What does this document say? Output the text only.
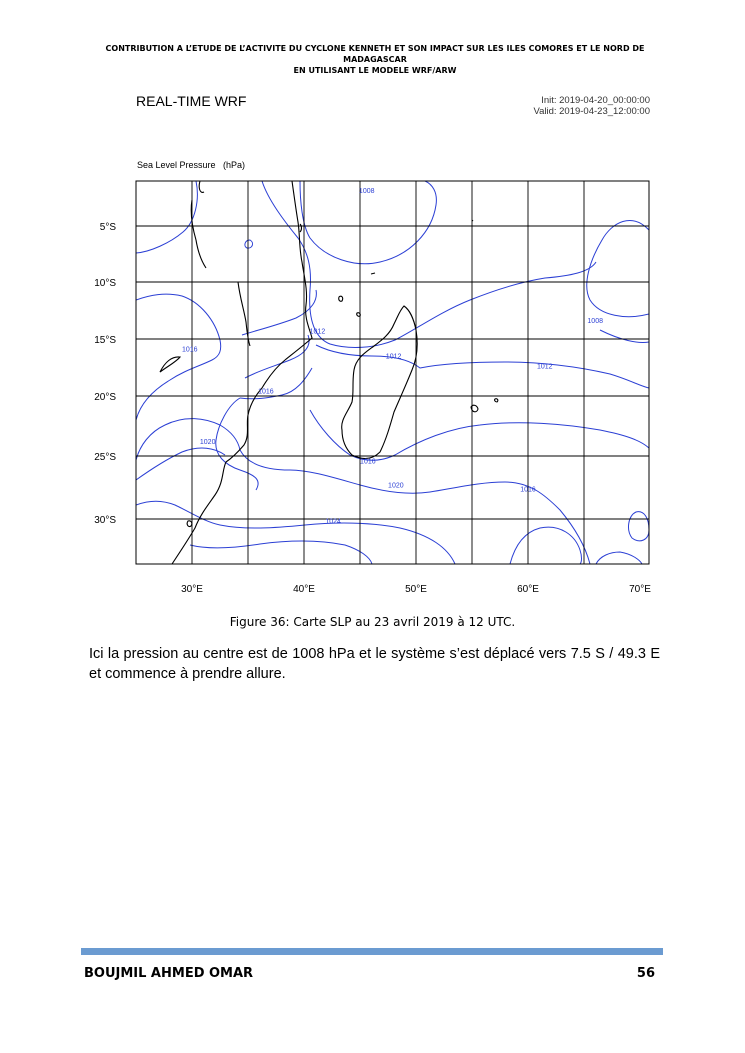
CONTRIBUTION A L’ETUDE DE L’ACTIVITE DU CYCLONE KENNETH ET SON IMPACT SUR LES ILES COMORES ET LE NORD DE MADAGASCAR
EN UTILISANT LE MODELE WRF/ARW
REAL-TIME WRF	Init: 2019-04-20_00:00:00
Valid: 2019-04-23_12:00:00
Sea Level Pressure   (hPa)
30°E	40°E	50°E	60°E	70°E
5°S
10°S
15°S
20°S
25°S
30°S
1008
1008
1012
1012
1012
1016
1016
1016
1016
1020
1020
1024
Figure 36: Carte SLP au 23 avril 2019 à 12 UTC.
Ici la pression au centre est de 1008 hPa et le système s’est déplacé vers 7.5 S / 49.3 E et commence à prendre allure.
BOUJMIL AHMED OMAR	56
